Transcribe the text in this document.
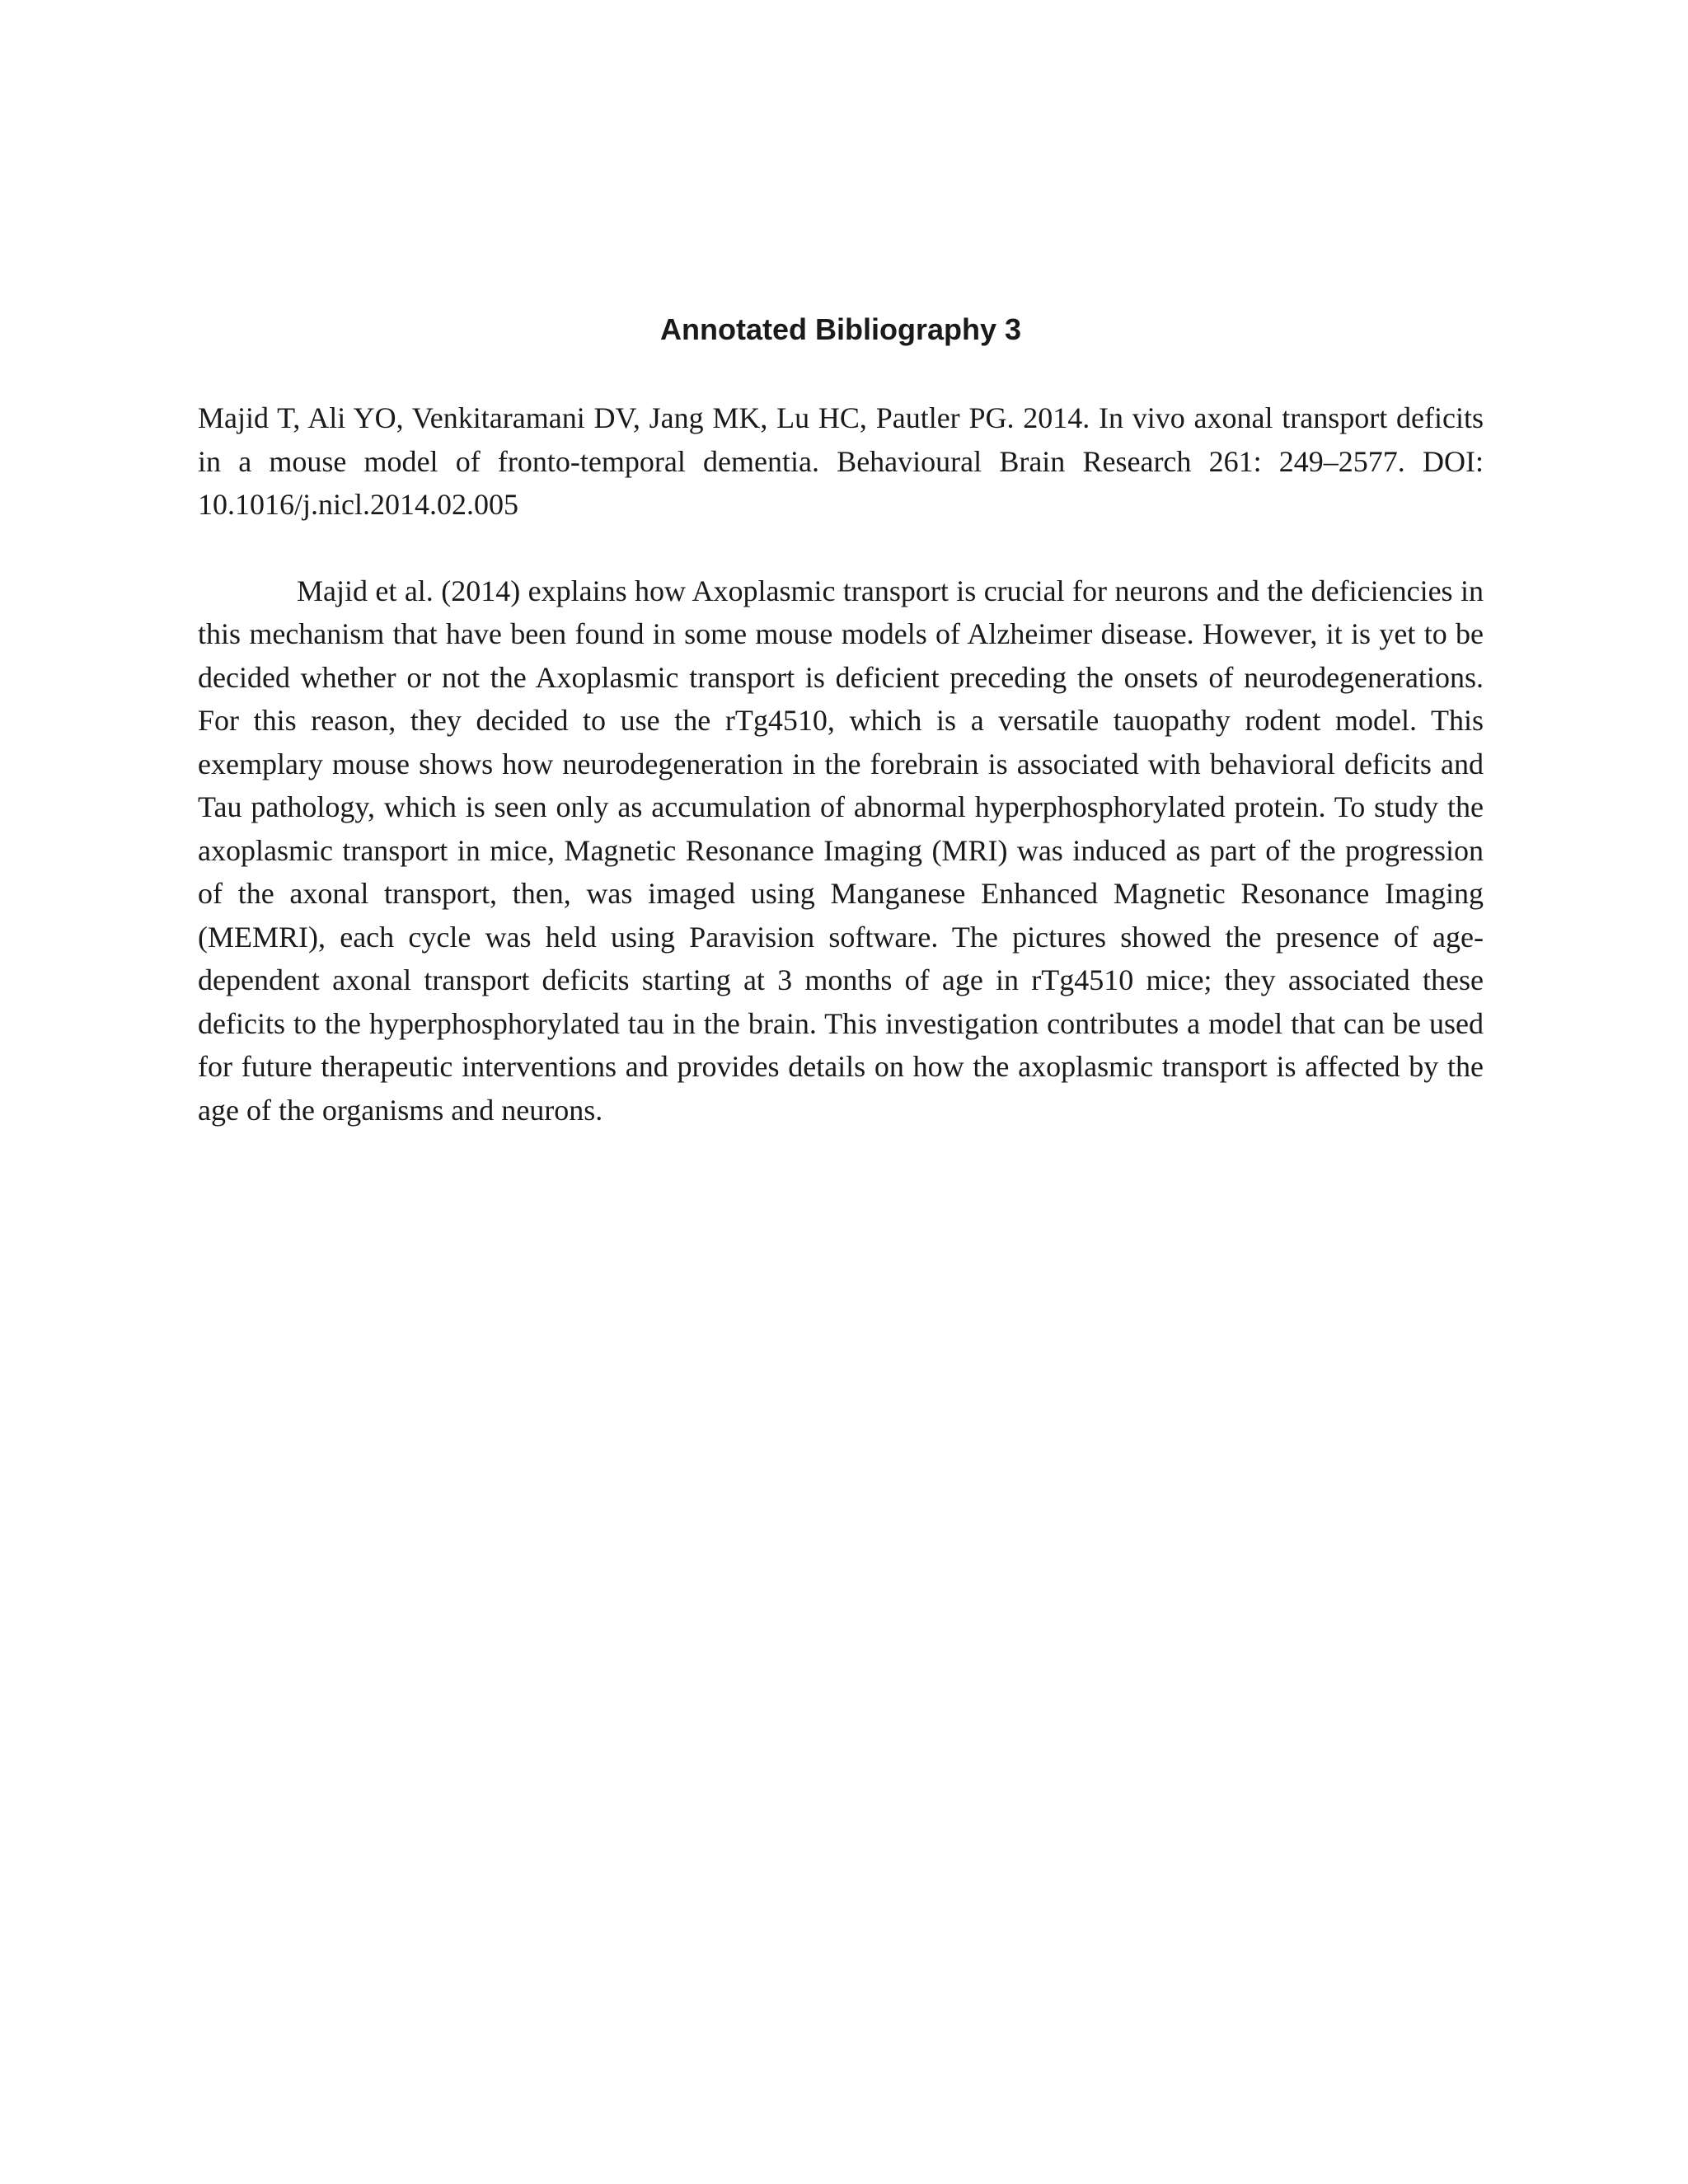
Annotated Bibliography 3

Majid T, Ali YO, Venkitaramani DV, Jang MK, Lu HC, Pautler PG. 2014. In vivo axonal transport deficits in a mouse model of fronto-temporal dementia. Behavioural Brain Research 261: 249–2577. DOI: 10.1016/j.nicl.2014.02.005

Majid et al. (2014) explains how Axoplasmic transport is crucial for neurons and the deficiencies in this mechanism that have been found in some mouse models of Alzheimer disease. However, it is yet to be decided whether or not the Axoplasmic transport is deficient preceding the onsets of neurodegenerations. For this reason, they decided to use the rTg4510, which is a versatile tauopathy rodent model. This exemplary mouse shows how neurodegeneration in the forebrain is associated with behavioral deficits and Tau pathology, which is seen only as accumulation of abnormal hyperphosphorylated protein. To study the axoplasmic transport in mice, Magnetic Resonance Imaging (MRI) was induced as part of the progression of the axonal transport, then, was imaged using Manganese Enhanced Magnetic Resonance Imaging (MEMRI), each cycle was held using Paravision software. The pictures showed the presence of age-dependent axonal transport deficits starting at 3 months of age in rTg4510 mice; they associated these deficits to the hyperphosphorylated tau in the brain. This investigation contributes a model that can be used for future therapeutic interventions and provides details on how the axoplasmic transport is affected by the age of the organisms and neurons.
